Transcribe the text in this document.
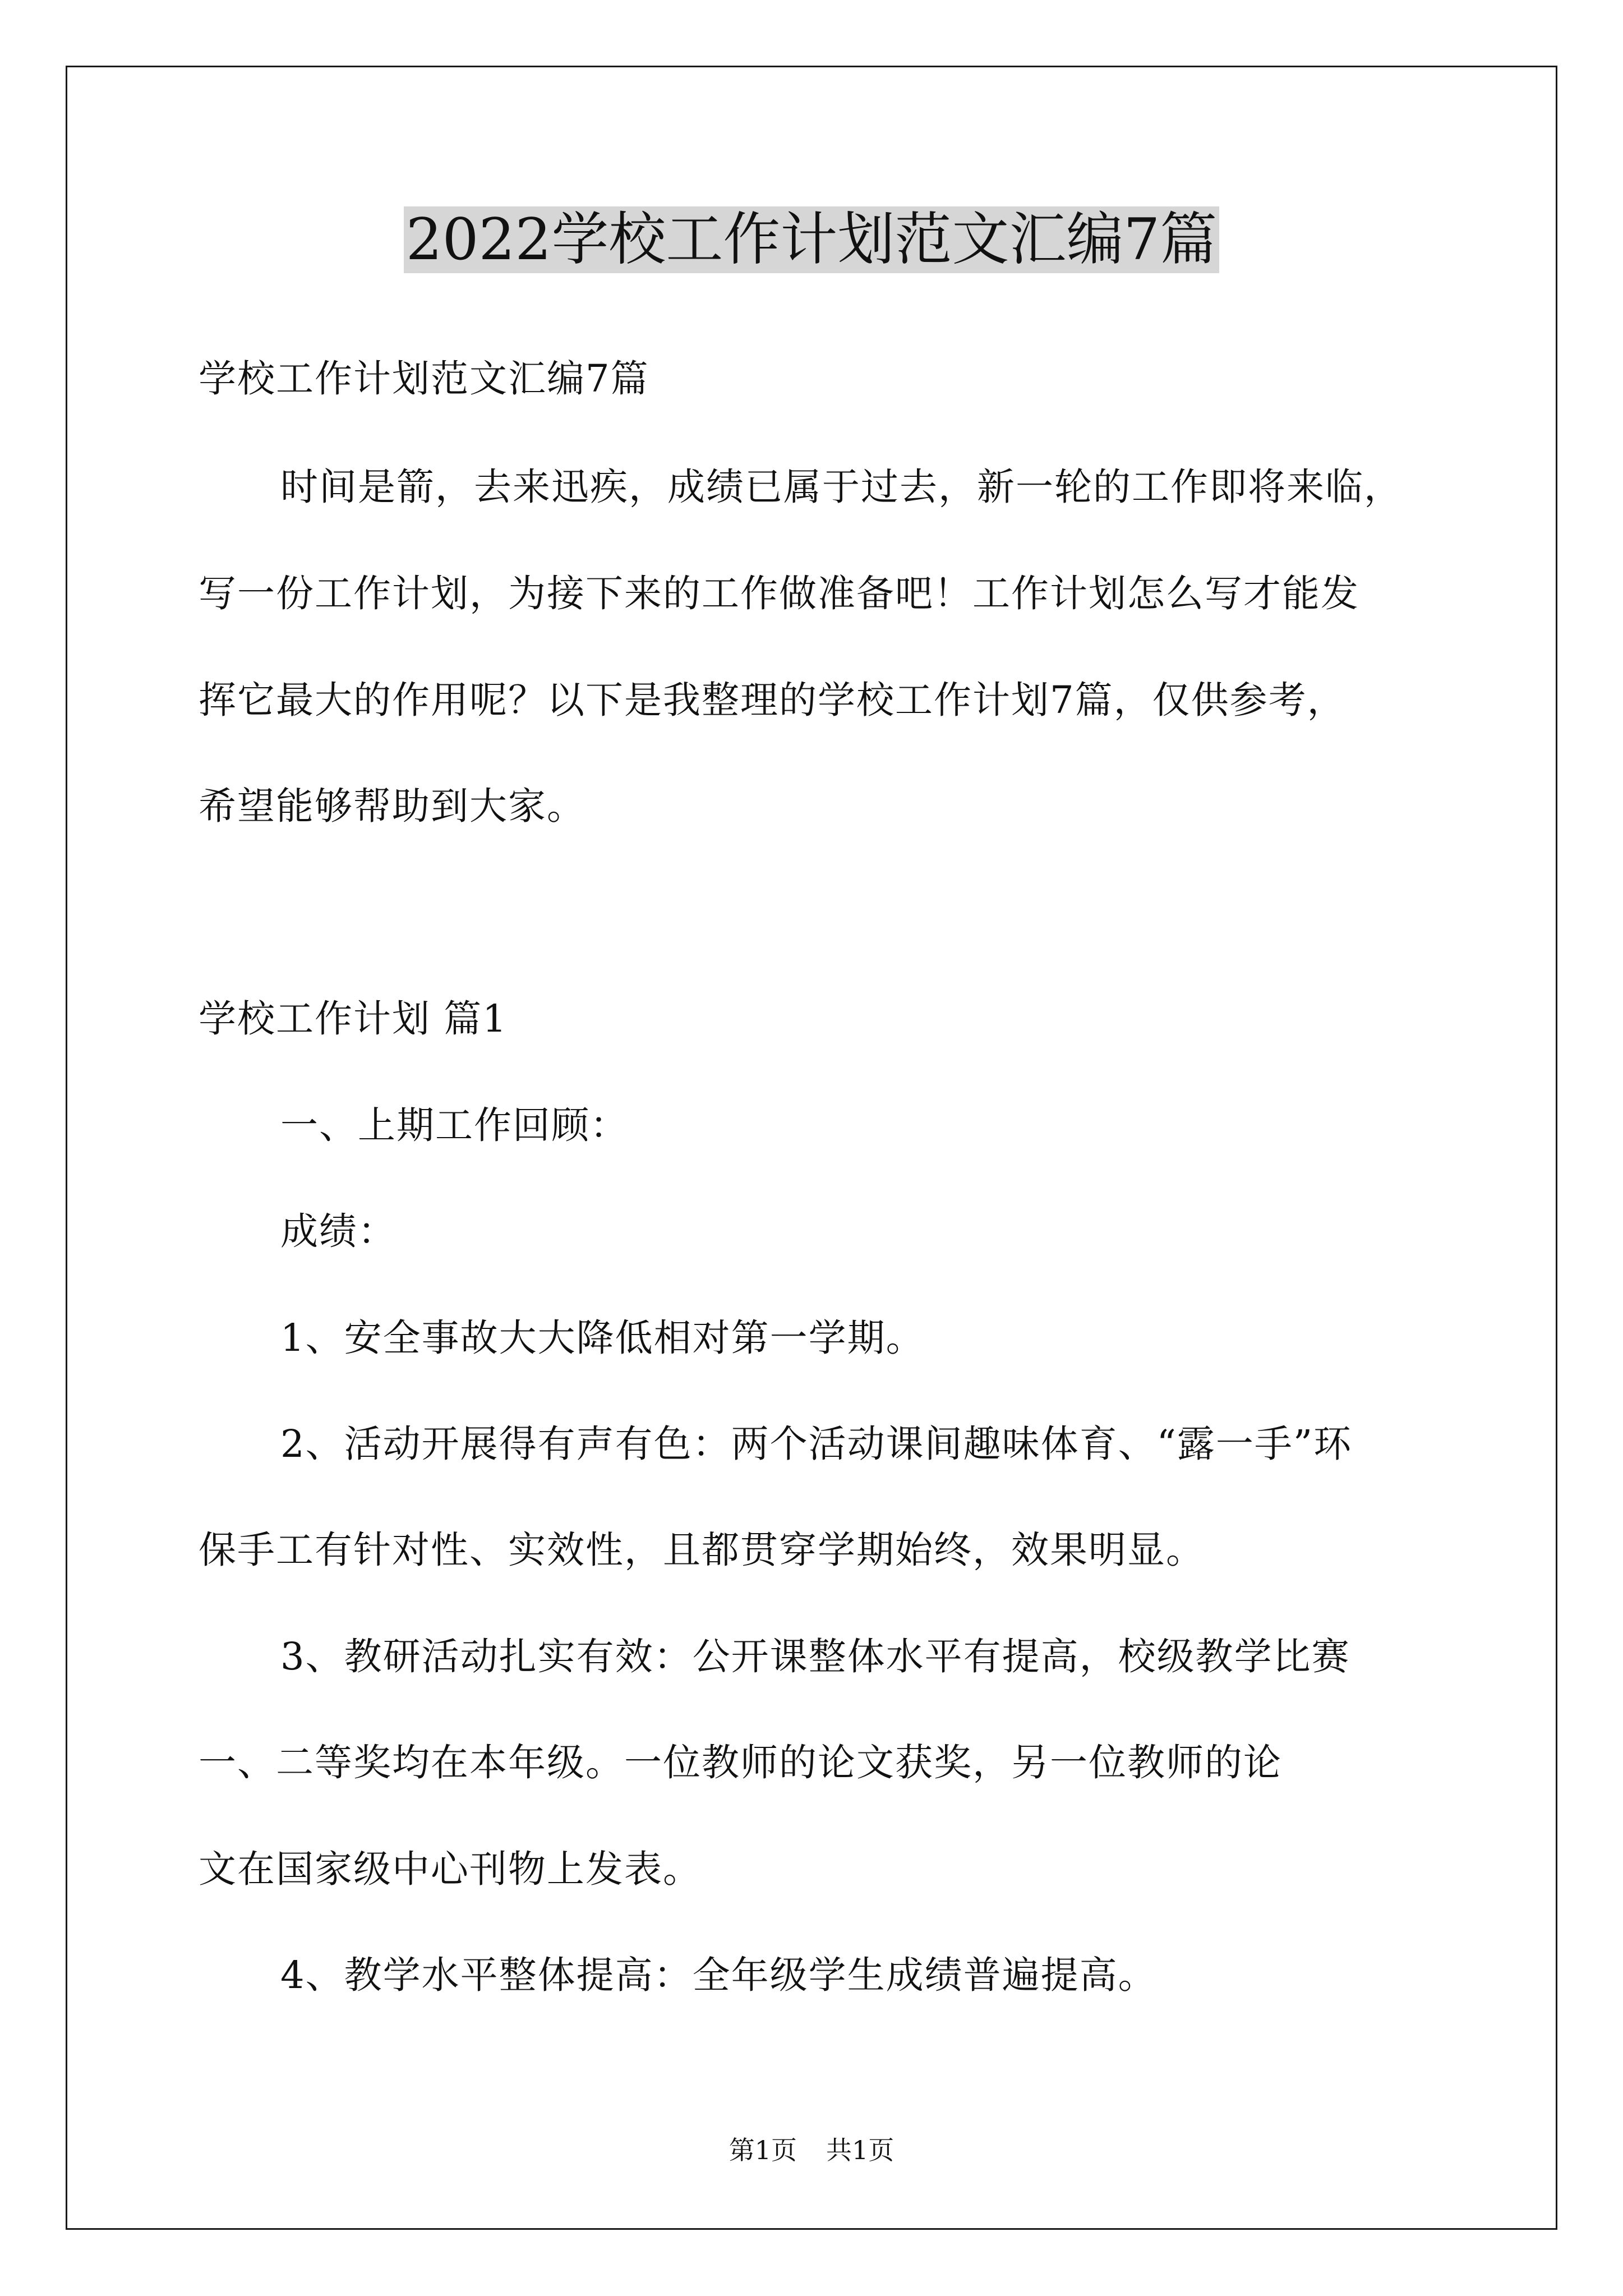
2022学校工作计划范文汇编7篇
学校工作计划范文汇编7篇
时间是箭，去来迅疾，成绩已属于过去，新一轮的工作即将来临，
写一份工作计划，为接下来的工作做准备吧！工作计划怎么写才能发
挥它最大的作用呢？以下是我整理的学校工作计划7篇，仅供参考，
希望能够帮助到大家。
学校工作计划 篇1
一、上期工作回顾：
成绩：
1、安全事故大大降低相对第一学期。
2、活动开展得有声有色：两个活动课间趣味体育、“露一手”环
保手工有针对性、实效性，且都贯穿学期始终，效果明显。
3、教研活动扎实有效：公开课整体水平有提高，校级教学比赛
一、二等奖均在本年级。一位教师的论文获奖，另一位教师的论
文在国家级中心刊物上发表。
4、教学水平整体提高：全年级学生成绩普遍提高。
第1页 共1页
